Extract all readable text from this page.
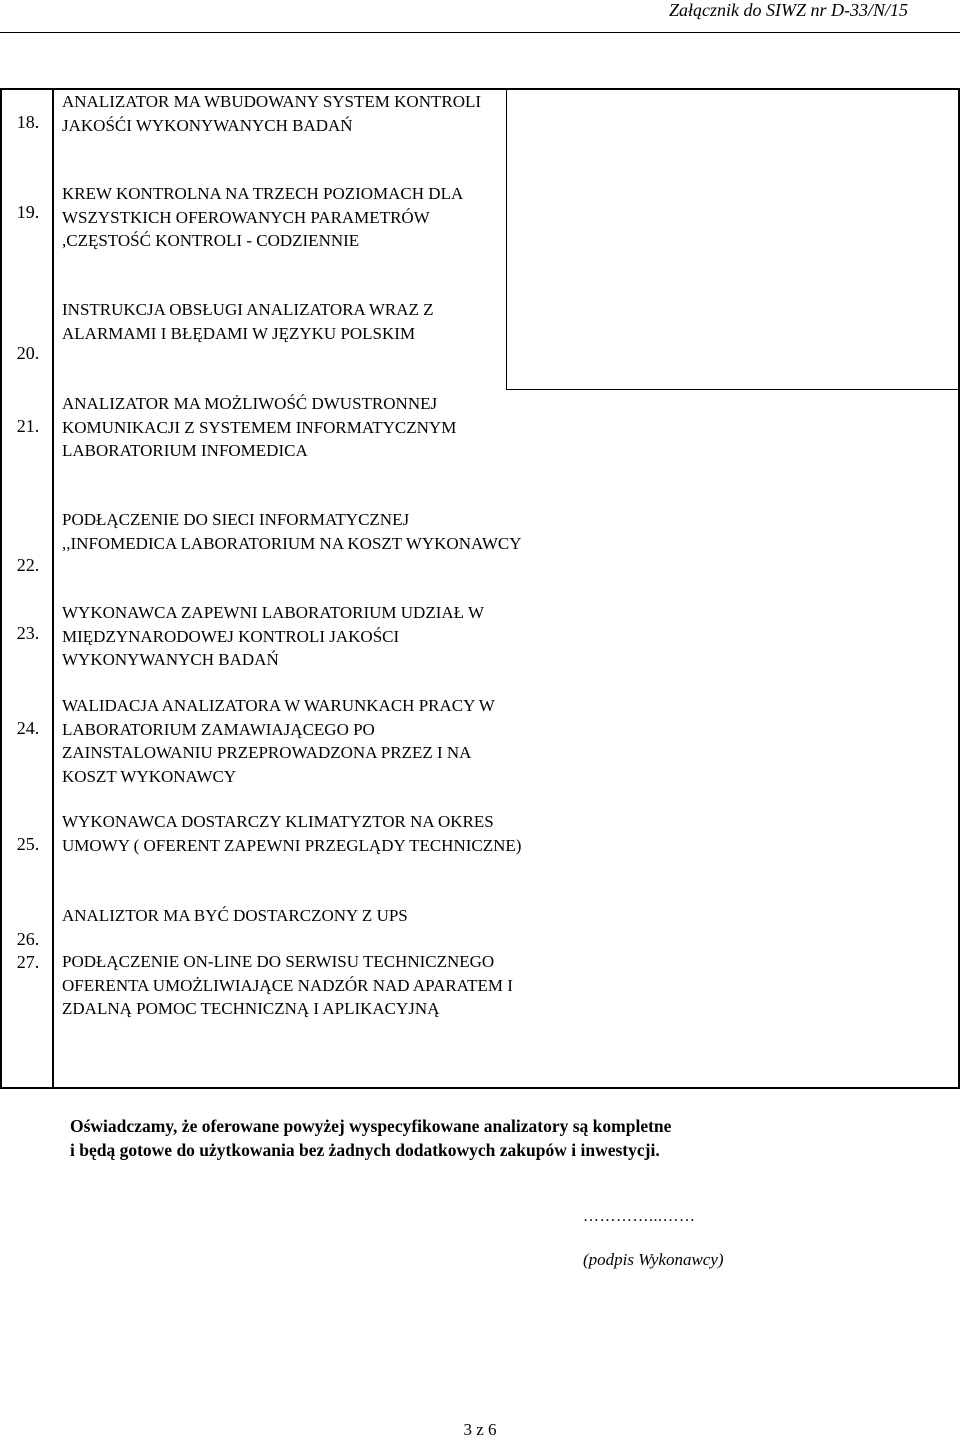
Załącznik do SIWZ nr D-33/N/15
18.
ANALIZATOR MA WBUDOWANY SYSTEM KONTROLI JAKOŚĆI WYKONYWANYCH BADAŃ
19.
KREW KONTROLNA NA TRZECH POZIOMACH DLA WSZYSTKICH OFEROWANYCH PARAMETRÓW ,CZĘSTOŚĆ KONTROLI - CODZIENNIE
20.
INSTRUKCJA OBSŁUGI ANALIZATORA WRAZ Z ALARMAMI I BŁĘDAMI W JĘZYKU POLSKIM
21.
ANALIZATOR MA MOŻLIWOŚĆ DWUSTRONNEJ KOMUNIKACJI Z SYSTEMEM INFORMATYCZNYM LABORATORIUM INFOMEDICA
22.
PODŁĄCZENIE DO SIECI INFORMATYCZNEJ ,,INFOMEDICA LABORATORIUM NA KOSZT WYKONAWCY
23.
WYKONAWCA ZAPEWNI LABORATORIUM UDZIAŁ W MIĘDZYNARODOWEJ KONTROLI JAKOŚCI WYKONYWANYCH BADAŃ
24.
WALIDACJA ANALIZATORA W WARUNKACH PRACY W LABORATORIUM ZAMAWIAJĄCEGO PO ZAINSTALOWANIU PRZEPROWADZONA PRZEZ I NA KOSZT WYKONAWCY
25.
WYKONAWCA DOSTARCZY KLIMATYZTOR NA OKRES UMOWY ( OFERENT ZAPEWNI PRZEGLĄDY TECHNICZNE)
26.
ANALIZTOR MA BYĆ DOSTARCZONY Z UPS
27.	PODŁĄCZENIE ON-LINE DO SERWISU TECHNICZNEGO OFERENTA UMOŻLIWIAJĄCE NADZÓR NAD APARATEM I ZDALNĄ POMOC TECHNICZNĄ I APLIKACYJNĄ
Oświadczamy, że oferowane powyżej wyspecyfikowane analizatory są kompletne
i będą gotowe do użytkowania bez żadnych dodatkowych zakupów i inwestycji.
…………...……
(podpis Wykonawcy)
3 z 6
